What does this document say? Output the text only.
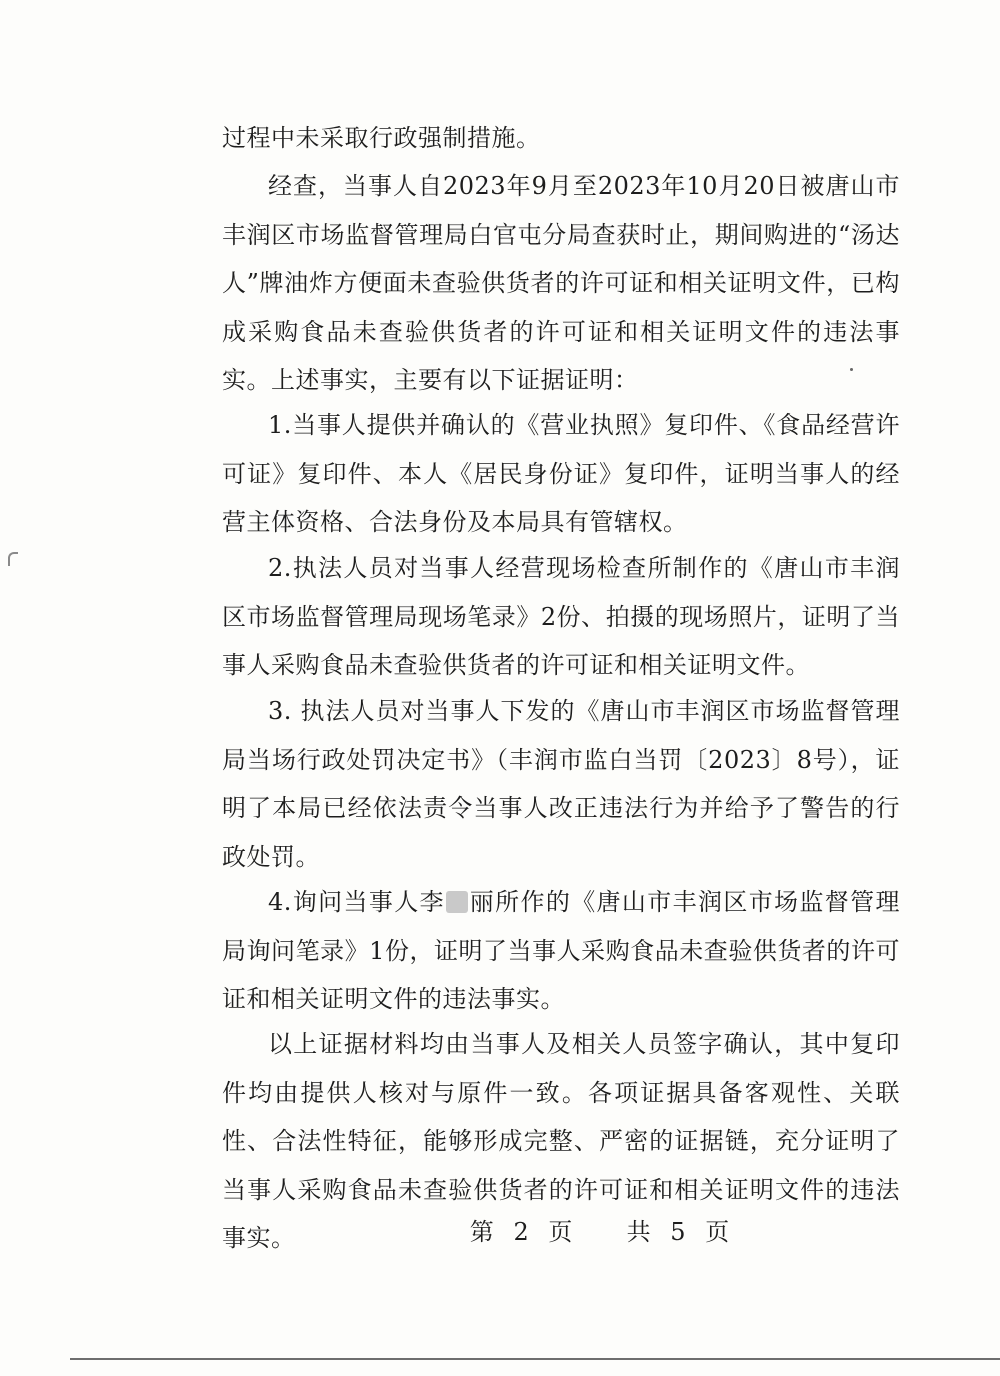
过程中未采取行政强制措施。

经查，当事人自2023年9月至2023年10月20日被唐山市丰润区市场监督管理局白官屯分局查获时止，期间购进的“汤达人”牌油炸方便面未查验供货者的许可证和相关证明文件，已构成采购食品未查验供货者的许可证和相关证明文件的违法事实。上述事实，主要有以下证据证明：

1.当事人提供并确认的《营业执照》复印件、《食品经营许可证》复印件、本人《居民身份证》复印件，证明当事人的经营主体资格、合法身份及本局具有管辖权。

2.执法人员对当事人经营现场检查所制作的《唐山市丰润区市场监督管理局现场笔录》2份、拍摄的现场照片，证明了当事人采购食品未查验供货者的许可证和相关证明文件。

3. 执法人员对当事人下发的《唐山市丰润区市场监督管理局当场行政处罚决定书》（丰润市监白当罚〔2023〕8号），证明了本局已经依法责令当事人改正违法行为并给予了警告的行政处罚。

4.询问当事人李 丽所作的《唐山市丰润区市场监督管理局询问笔录》1份，证明了当事人采购食品未查验供货者的许可证和相关证明文件的违法事实。

以上证据材料均由当事人及相关人员签字确认，其中复印件均由提供人核对与原件一致。各项证据具备客观性、关联性、合法性特征，能够形成完整、严密的证据链，充分证明了当事人采购食品未查验供货者的许可证和相关证明文件的违法事实。	第 2 页 共 5 页
